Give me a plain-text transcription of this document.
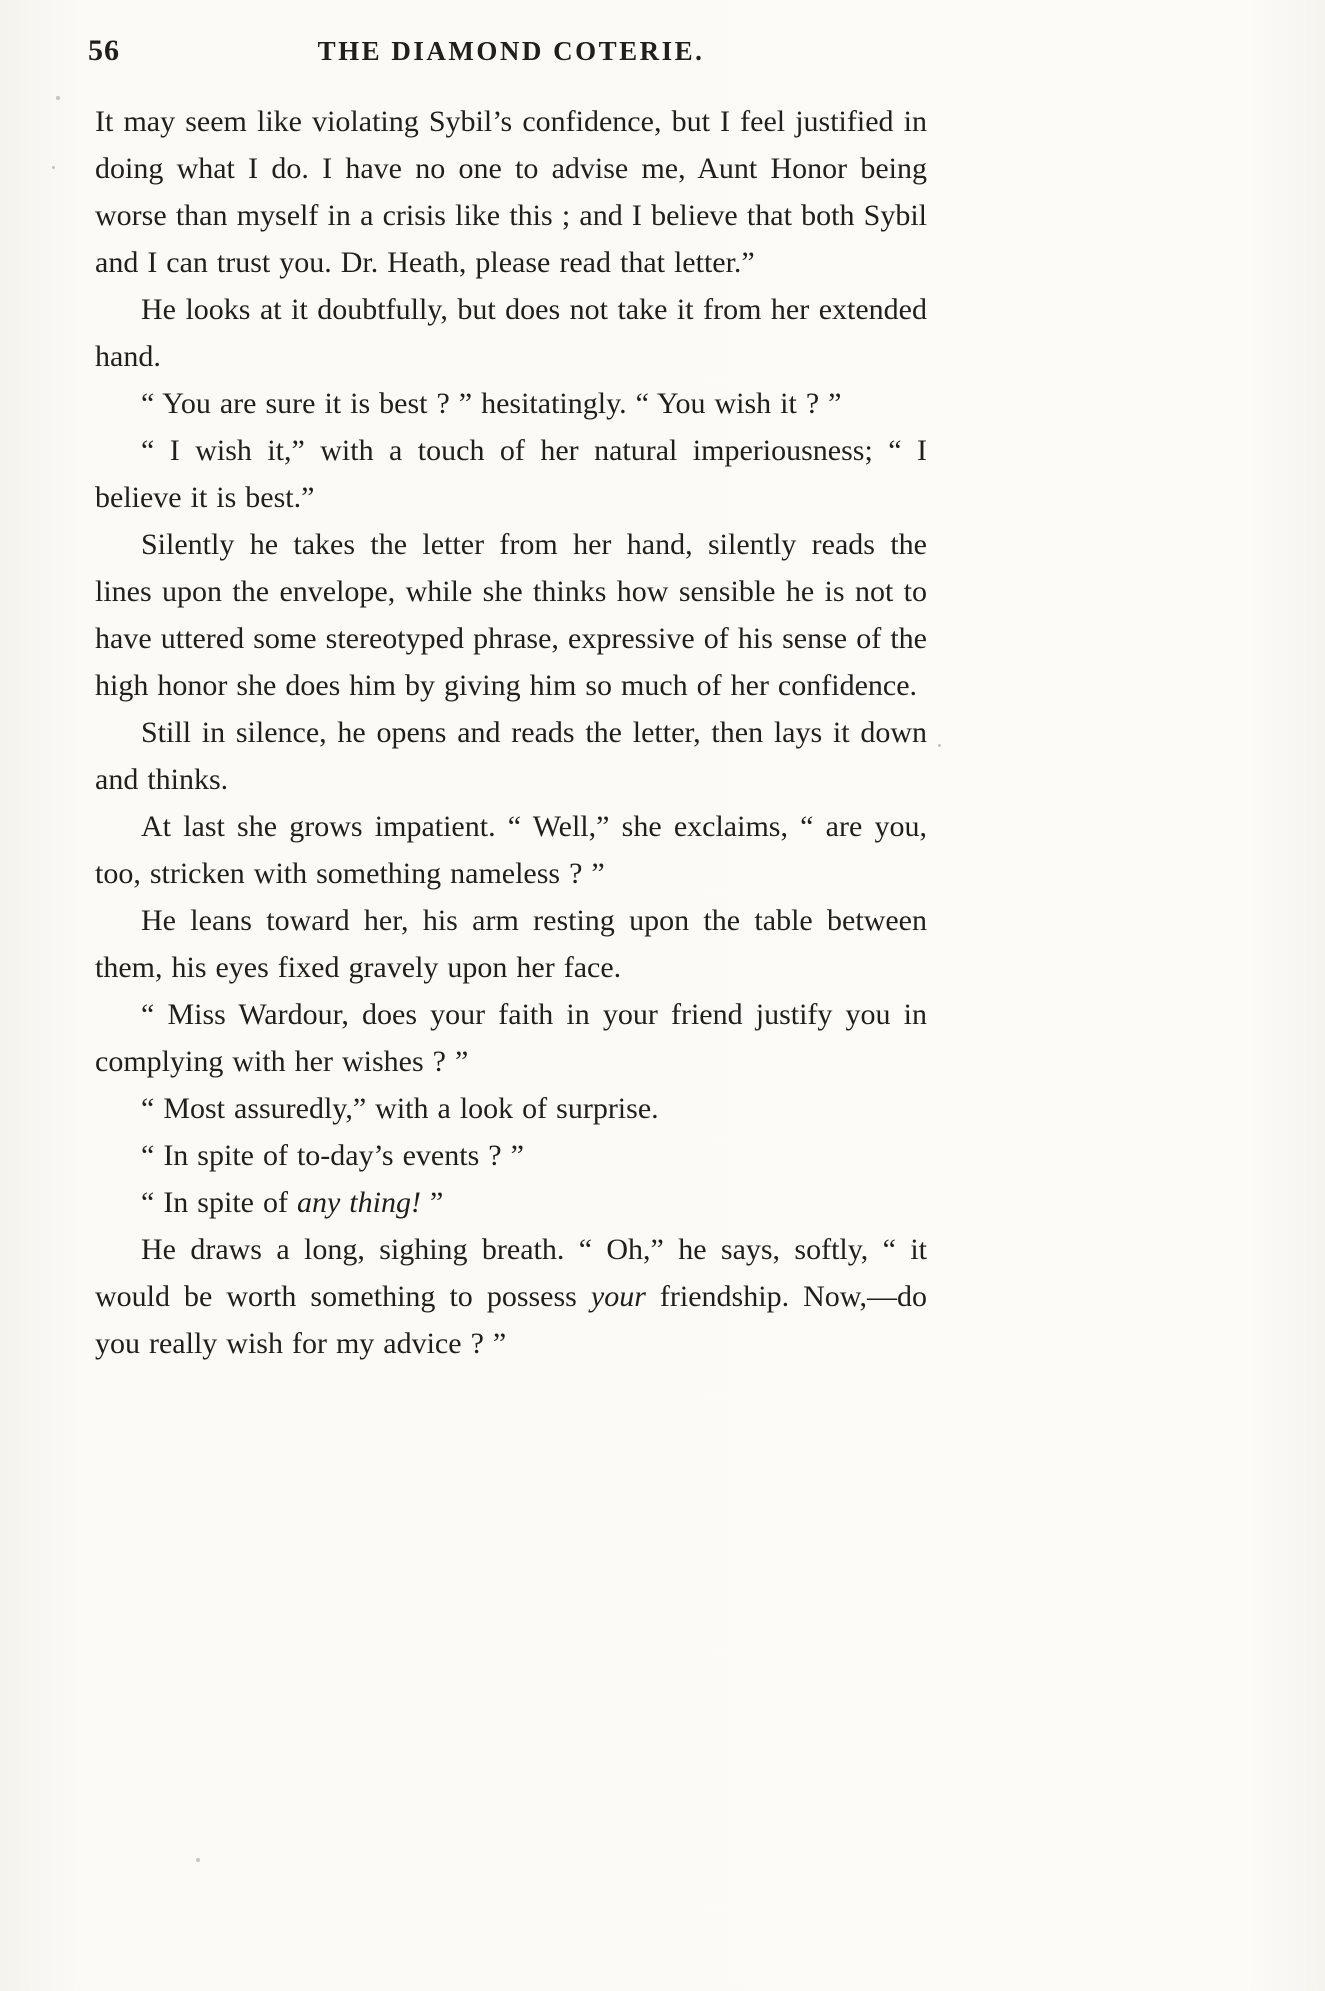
56	THE DIAMOND COTERIE.

It may seem like violating Sybil’s confidence, but I feel justified in doing what I do. I have no one to advise me, Aunt Honor being worse than myself in a crisis like this ; and I believe that both Sybil and I can trust you. Dr. Heath, please read that letter.”

He looks at it doubtfully, but does not take it from her extended hand.

“ You are sure it is best ? ” hesitatingly. “ You wish it ? ”

“ I wish it,” with a touch of her natural imperiousness; “ I believe it is best.”

Silently he takes the letter from her hand, silently reads the lines upon the envelope, while she thinks how sensible he is not to have uttered some stereotyped phrase, expressive of his sense of the high honor she does him by giving him so much of her confidence.

Still in silence, he opens and reads the letter, then lays it down and thinks.

At last she grows impatient. “ Well,” she exclaims, “ are you, too, stricken with something nameless ? ”

He leans toward her, his arm resting upon the table between them, his eyes fixed gravely upon her face.

“ Miss Wardour, does your faith in your friend justify you in complying with her wishes ? ”

“ Most assuredly,” with a look of surprise.

“ In spite of to-day’s events ? ”

“ In spite of any thing! ”

He draws a long, sighing breath. “ Oh,” he says, softly, “ it would be worth something to possess your friendship. Now,—do you really wish for my advice ? ”
